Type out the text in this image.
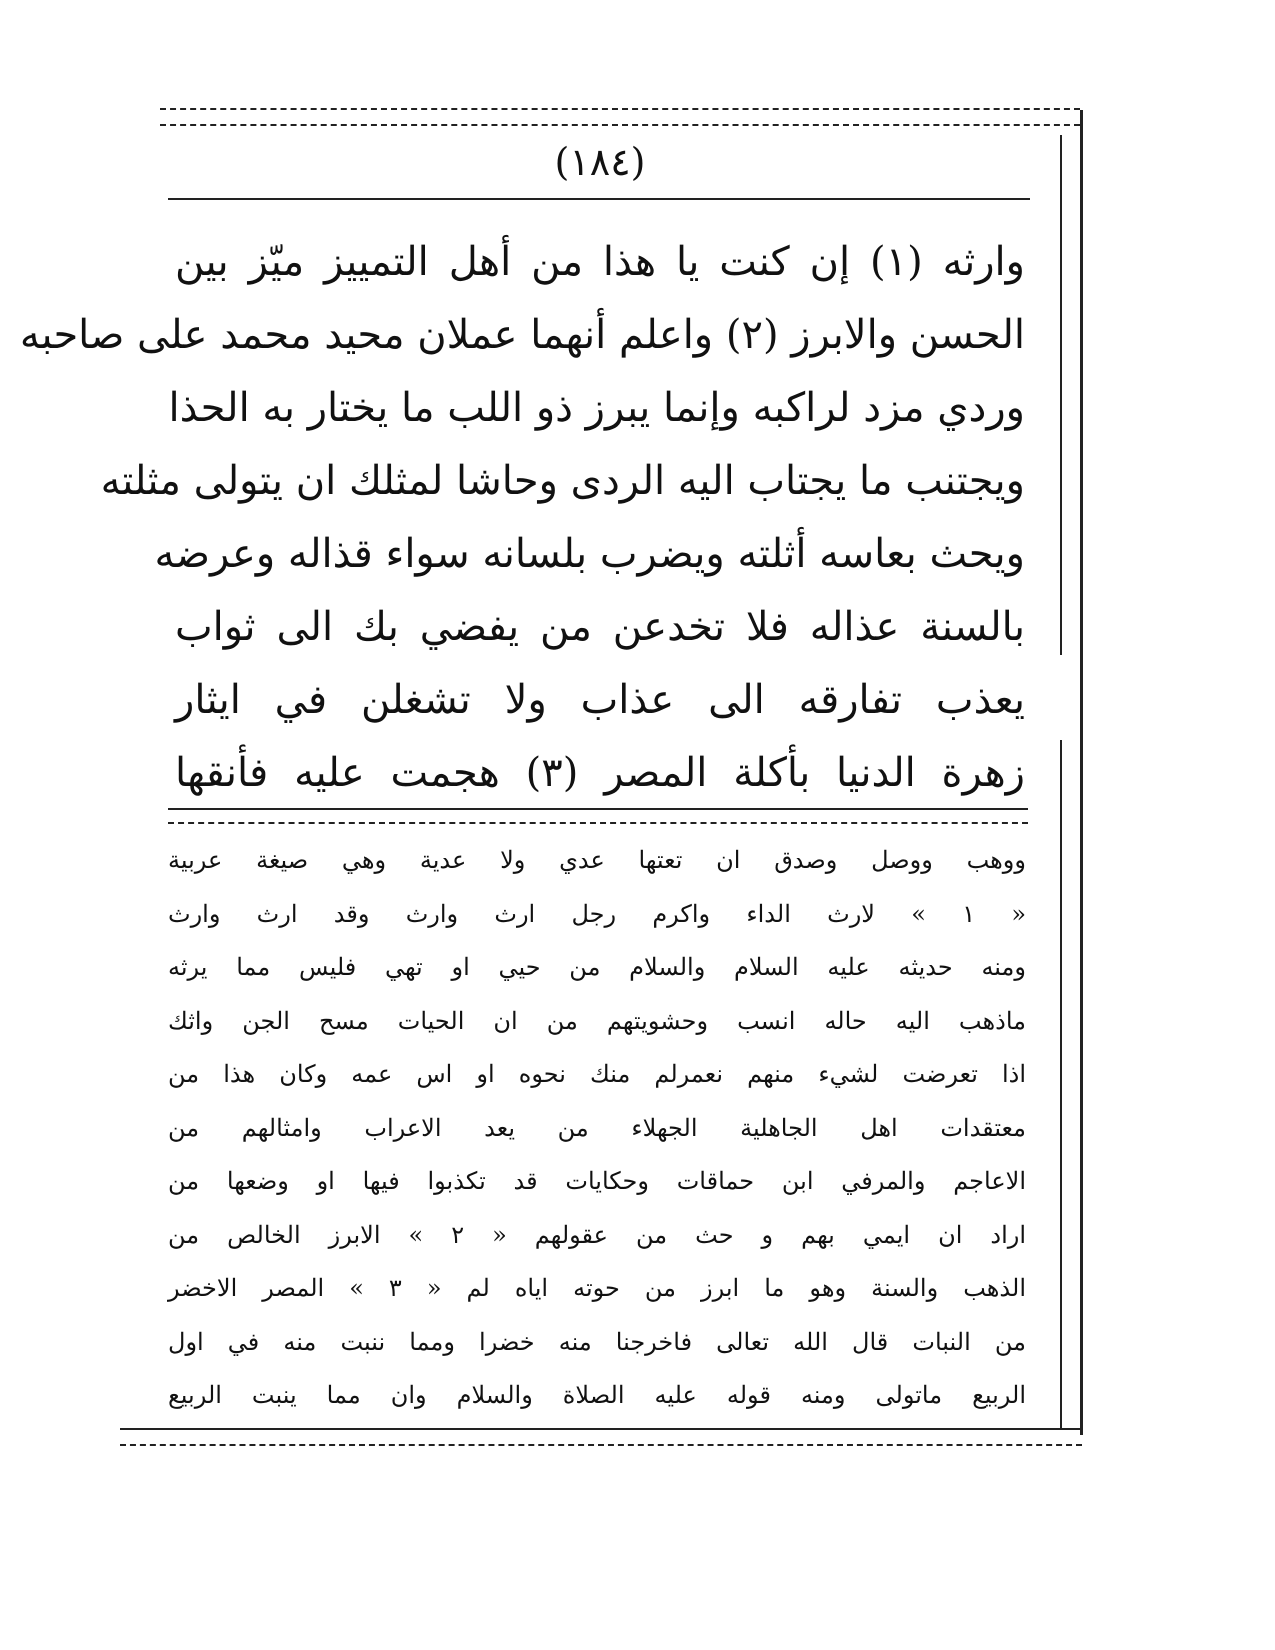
(١٨٤)
وارثه (١) إن كنت يا هذا من أهل التمييز ميّز بين
الحسن والابرز (٢) واعلم أنهما عملان محيد محمد على صاحبه
وردي مزد لراكبه وإنما يبرز ذو اللب ما يختار به الحذا
ويجتنب ما يجتاب اليه الردى وحاشا لمثلك ان يتولى مثلته
ويحث بعاسه أثلته ويضرب بلسانه سواء قذاله وعرضه
بالسنة عذاله فلا تخدعن من يفضي بك الى ثواب
يعذب تفارقه الى عذاب ولا تشغلن في ايثار
زهرة الدنيا بأكلة المصر (٣) هجمت عليه فأنقها
ووهب ووصل وصدق ان تعتها عدي ولا عدية وهي صيغة عربية
« ١ » لارث الداء واكرم رجل ارث وارث وقد ارث وارث
ومنه حديثه عليه السلام والسلام من حيي او تهي فليس مما يرثه
ماذهب اليه حاله انسب وحشويتهم من ان الحيات مسح الجن واثك
اذا تعرضت لشيء منهم نعمرلم منك نحوه او اس عمه وكان هذا من
معتقدات اهل الجاهلية الجهلاء من يعد الاعراب وامثالهم من
الاعاجم والمرفي ابن حماقات وحكايات قد تكذبوا فيها او وضعها من
اراد ان ايمي بهم و حث من عقولهم « ٢ » الابرز الخالص من
الذهب والسنة وهو ما ابرز من حوته اياه لم « ٣ » المصر الاخضر
من النبات قال الله تعالى فاخرجنا منه خضرا ومما ننبت منه في اول
الربيع ماتولى ومنه قوله عليه الصلاة والسلام وان مما ينبت الربيع
